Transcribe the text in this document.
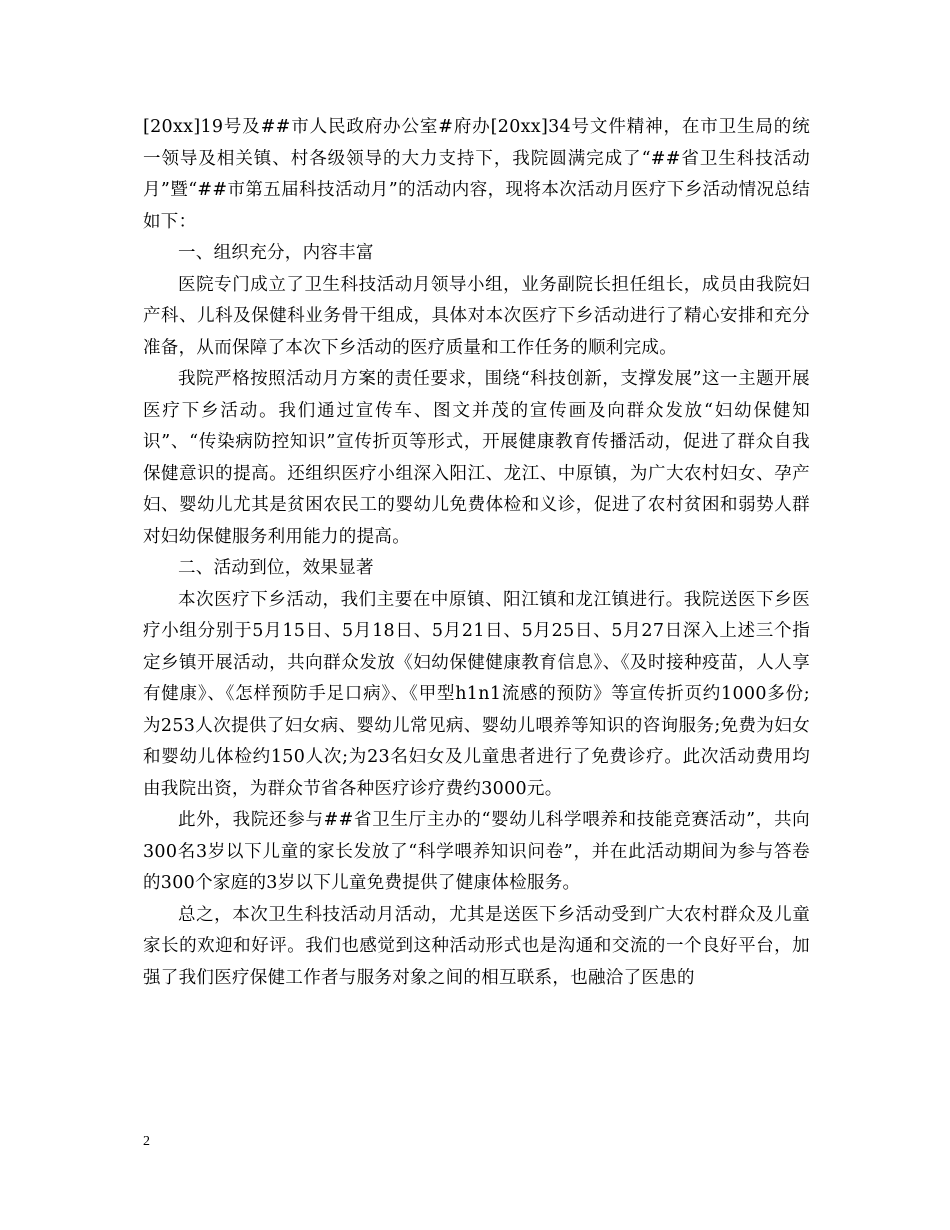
[20xx]19号及##市人民政府办公室#府办[20xx]34号文件精神，在市卫生局的统一领导及相关镇、村各级领导的大力支持下，我院圆满完成了“##省卫生科技活动月”暨“##市第五届科技活动月”的活动内容，现将本次活动月医疗下乡活动情况总结如下：

一、组织充分，内容丰富

医院专门成立了卫生科技活动月领导小组，业务副院长担任组长，成员由我院妇产科、儿科及保健科业务骨干组成，具体对本次医疗下乡活动进行了精心安排和充分准备，从而保障了本次下乡活动的医疗质量和工作任务的顺利完成。

我院严格按照活动月方案的责任要求，围绕“科技创新，支撑发展”这一主题开展医疗下乡活动。我们通过宣传车、图文并茂的宣传画及向群众发放“妇幼保健知识”、“传染病防控知识”宣传折页等形式，开展健康教育传播活动，促进了群众自我保健意识的提高。还组织医疗小组深入阳江、龙江、中原镇，为广大农村妇女、孕产妇、婴幼儿尤其是贫困农民工的婴幼儿免费体检和义诊，促进了农村贫困和弱势人群对妇幼保健服务利用能力的提高。

二、活动到位，效果显著

本次医疗下乡活动，我们主要在中原镇、阳江镇和龙江镇进行。我院送医下乡医疗小组分别于5月15日、5月18日、5月21日、5月25日、5月27日深入上述三个指定乡镇开展活动，共向群众发放《妇幼保健健康教育信息》、《及时接种疫苗，人人享有健康》、《怎样预防手足口病》、《甲型h1n1流感的预防》等宣传折页约1000多份;为253人次提供了妇女病、婴幼儿常见病、婴幼儿喂养等知识的咨询服务;免费为妇女和婴幼儿体检约150人次;为23名妇女及儿童患者进行了免费诊疗。此次活动费用均由我院出资，为群众节省各种医疗诊疗费约3000元。

此外，我院还参与##省卫生厅主办的“婴幼儿科学喂养和技能竞赛活动”，共向300名3岁以下儿童的家长发放了“科学喂养知识问卷”，并在此活动期间为参与答卷的300个家庭的3岁以下儿童免费提供了健康体检服务。

总之，本次卫生科技活动月活动，尤其是送医下乡活动受到广大农村群众及儿童家长的欢迎和好评。我们也感觉到这种活动形式也是沟通和交流的一个良好平台，加强了我们医疗保健工作者与服务对象之间的相互联系，也融洽了医患的

2
